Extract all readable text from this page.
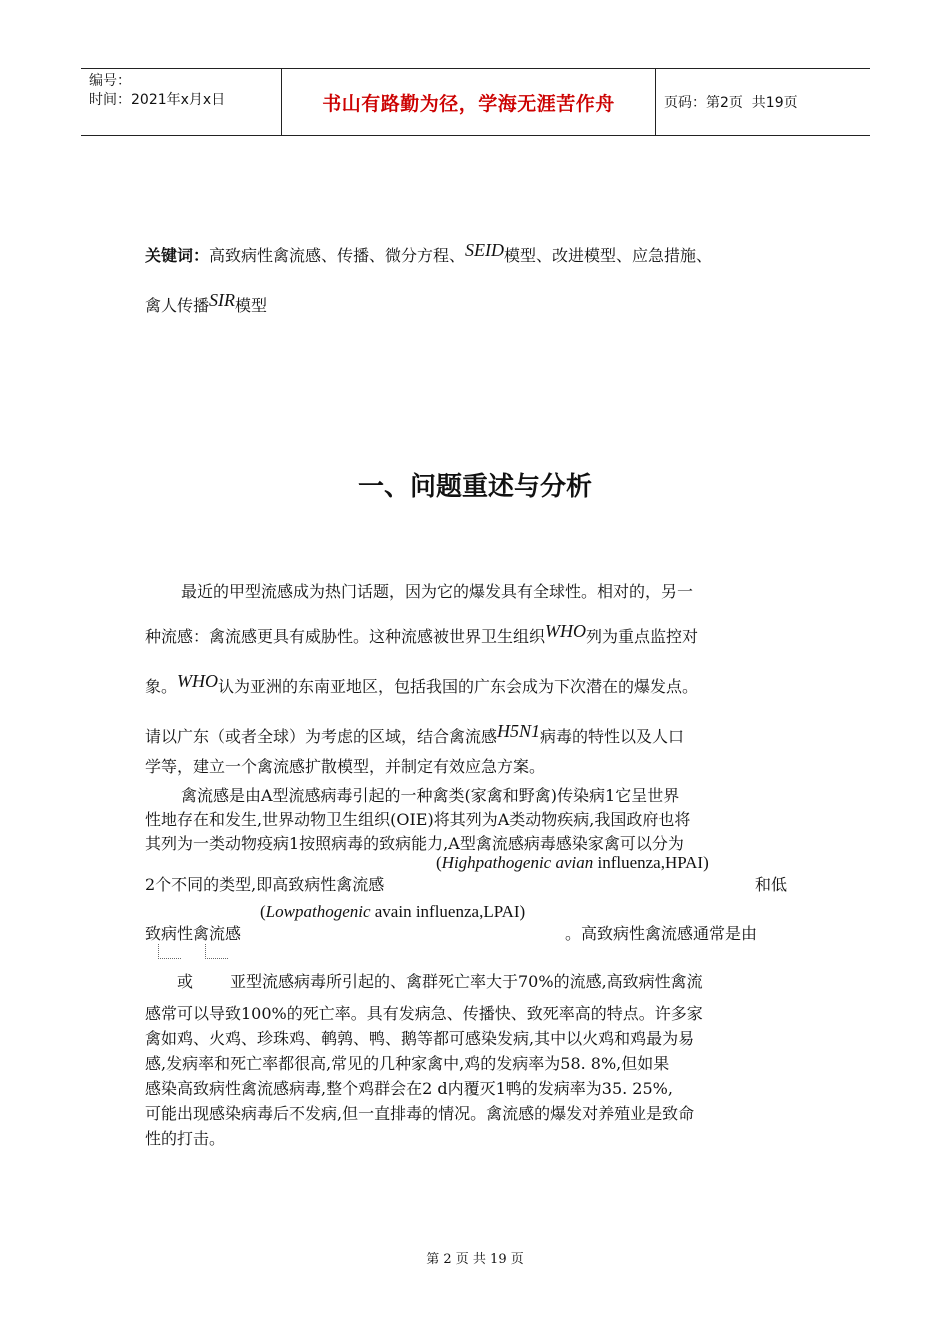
编号：
时间：2021年x月x日	书山有路勤为径，学海无涯苦作舟	页码：第2页  共19页
关键词：高致病性禽流感、传播、微分方程、SEID模型、改进模型、应急措施、
禽人传播SIR模型
一、问题重述与分析
最近的甲型流感成为热门话题，因为它的爆发具有全球性。相对的，另一
种流感：禽流感更具有威胁性。这种流感被世界卫生组织WHO列为重点监控对
象。WHO认为亚洲的东南亚地区，包括我国的广东会成为下次潜在的爆发点。
请以广东（或者全球）为考虑的区域，结合禽流感H5N1病毒的特性以及人口
学等，建立一个禽流感扩散模型，并制定有效应急方案。
禽流感是由A型流感病毒引起的一种禽类(家禽和野禽)传染病1它呈世界
性地存在和发生,世界动物卫生组织(OIE)将其列为A类动物疾病,我国政府也将
其列为一类动物疫病1按照病毒的致病能力,A型禽流感病毒感染家禽可以分为
(Highpathogenic avian influenza,HPAI)
2个不同的类型,即高致病性禽流感	和低
(Lowpathogenic avain influenza,LPAI)
致病性禽流感	。高致病性禽流感通常是由
或 亚型流感病毒所引起的、禽群死亡率大于70%的流感,高致病性禽流
感常可以导致100%的死亡率。具有发病急、传播快、致死率高的特点。许多家
禽如鸡、火鸡、珍珠鸡、鹌鹑、鸭、鹅等都可感染发病,其中以火鸡和鸡最为易
感,发病率和死亡率都很高,常见的几种家禽中,鸡的发病率为58. 8%,但如果
感染高致病性禽流感病毒,整个鸡群会在2 d内覆灭1鸭的发病率为35. 25%,
可能出现感染病毒后不发病,但一直排毒的情况。禽流感的爆发对养殖业是致命
性的打击。
第 2 页 共 19 页
